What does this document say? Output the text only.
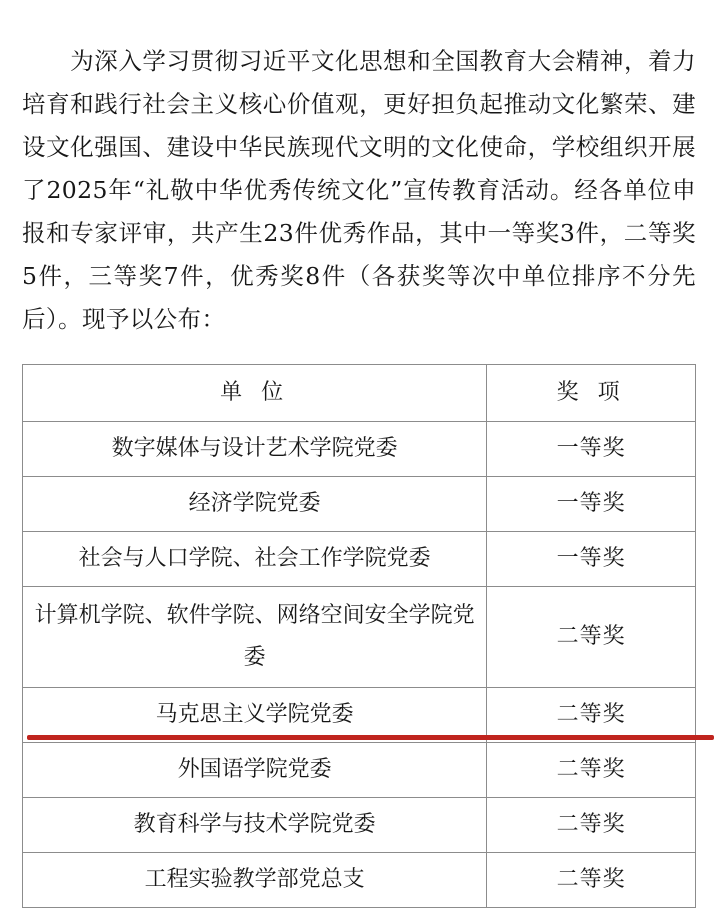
为深入学习贯彻习近平文化思想和全国教育大会精神，着力培育和践行社会主义核心价值观，更好担负起推动文化繁荣、建设文化强国、建设中华民族现代文明的文化使命，学校组织开展了2025年“礼敬中华优秀传统文化”宣传教育活动。经各单位申报和专家评审，共产生23件优秀作品，其中一等奖3件，二等奖5件，三等奖7件，优秀奖8件（各获奖等次中单位排序不分先后）。现予以公布：

单 位	奖 项
数字媒体与设计艺术学院党委	一等奖
经济学院党委	一等奖
社会与人口学院、社会工作学院党委	一等奖
计算机学院、软件学院、网络空间安全学院党委	二等奖
马克思主义学院党委	二等奖
外国语学院党委	二等奖
教育科学与技术学院党委	二等奖
工程实验教学部党总支	二等奖
